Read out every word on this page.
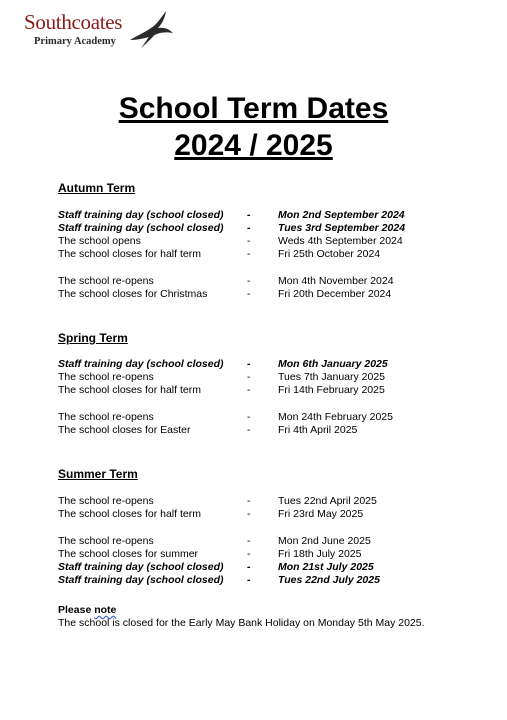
Southcoates
Primary Academy
School Term Dates
2024 / 2025
Autumn Term
Staff training day (school closed) -	Mon 2nd September 2024
Staff training day (school closed) -	Tues 3rd September 2024
The school opens	-	Weds 4th September 2024
The school closes for half term	-	Fri 25th October 2024
The school re-opens	-	Mon 4th November 2024
The school closes for Christmas	-	Fri 20th December 2024
Spring Term
Staff training day (school closed) -	Mon 6th January 2025
The school re-opens	-	Tues 7th January 2025
The school closes for half term	-	Fri 14th February 2025
The school re-opens	-	Mon 24th February 2025
The school closes for Easter	-	Fri 4th April 2025
Summer Term
The school re-opens	-	Tues 22nd April 2025
The school closes for half term	-	Fri 23rd May 2025
The school re-opens	-	Mon 2nd June 2025
The school closes for summer	-	Fri 18th July 2025
Staff training day (school closed) -	Mon 21st July 2025
Staff training day (school closed) -	Tues 22nd July 2025
Please note
The school is closed for the Early May Bank Holiday on Monday 5th May 2025.
